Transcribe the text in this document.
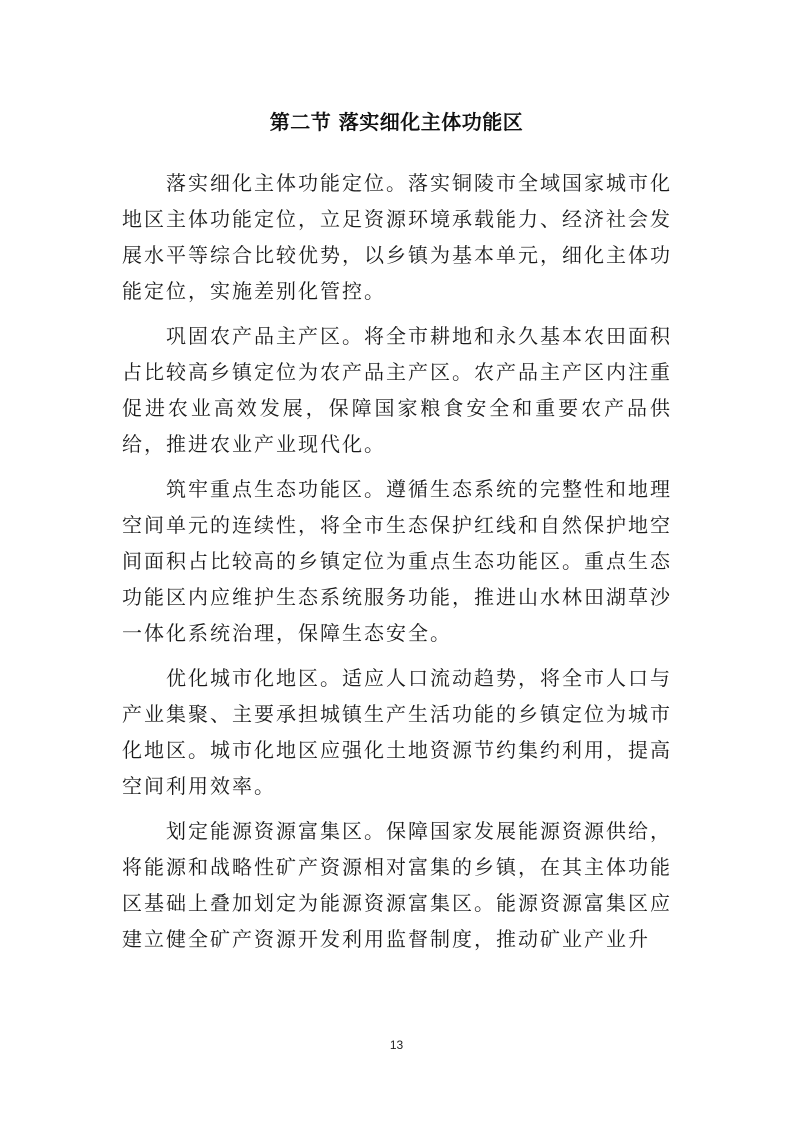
第二节 落实细化主体功能区

落实细化主体功能定位。落实铜陵市全域国家城市化地区主体功能定位，立足资源环境承载能力、经济社会发展水平等综合比较优势，以乡镇为基本单元，细化主体功能定位，实施差别化管控。

巩固农产品主产区。将全市耕地和永久基本农田面积占比较高乡镇定位为农产品主产区。农产品主产区内注重促进农业高效发展，保障国家粮食安全和重要农产品供给，推进农业产业现代化。

筑牢重点生态功能区。遵循生态系统的完整性和地理空间单元的连续性，将全市生态保护红线和自然保护地空间面积占比较高的乡镇定位为重点生态功能区。重点生态功能区内应维护生态系统服务功能，推进山水林田湖草沙一体化系统治理，保障生态安全。

优化城市化地区。适应人口流动趋势，将全市人口与产业集聚、主要承担城镇生产生活功能的乡镇定位为城市化地区。城市化地区应强化土地资源节约集约利用，提高空间利用效率。

划定能源资源富集区。保障国家发展能源资源供给，将能源和战略性矿产资源相对富集的乡镇，在其主体功能区基础上叠加划定为能源资源富集区。能源资源富集区应建立健全矿产资源开发利用监督制度，推动矿业产业升

13
